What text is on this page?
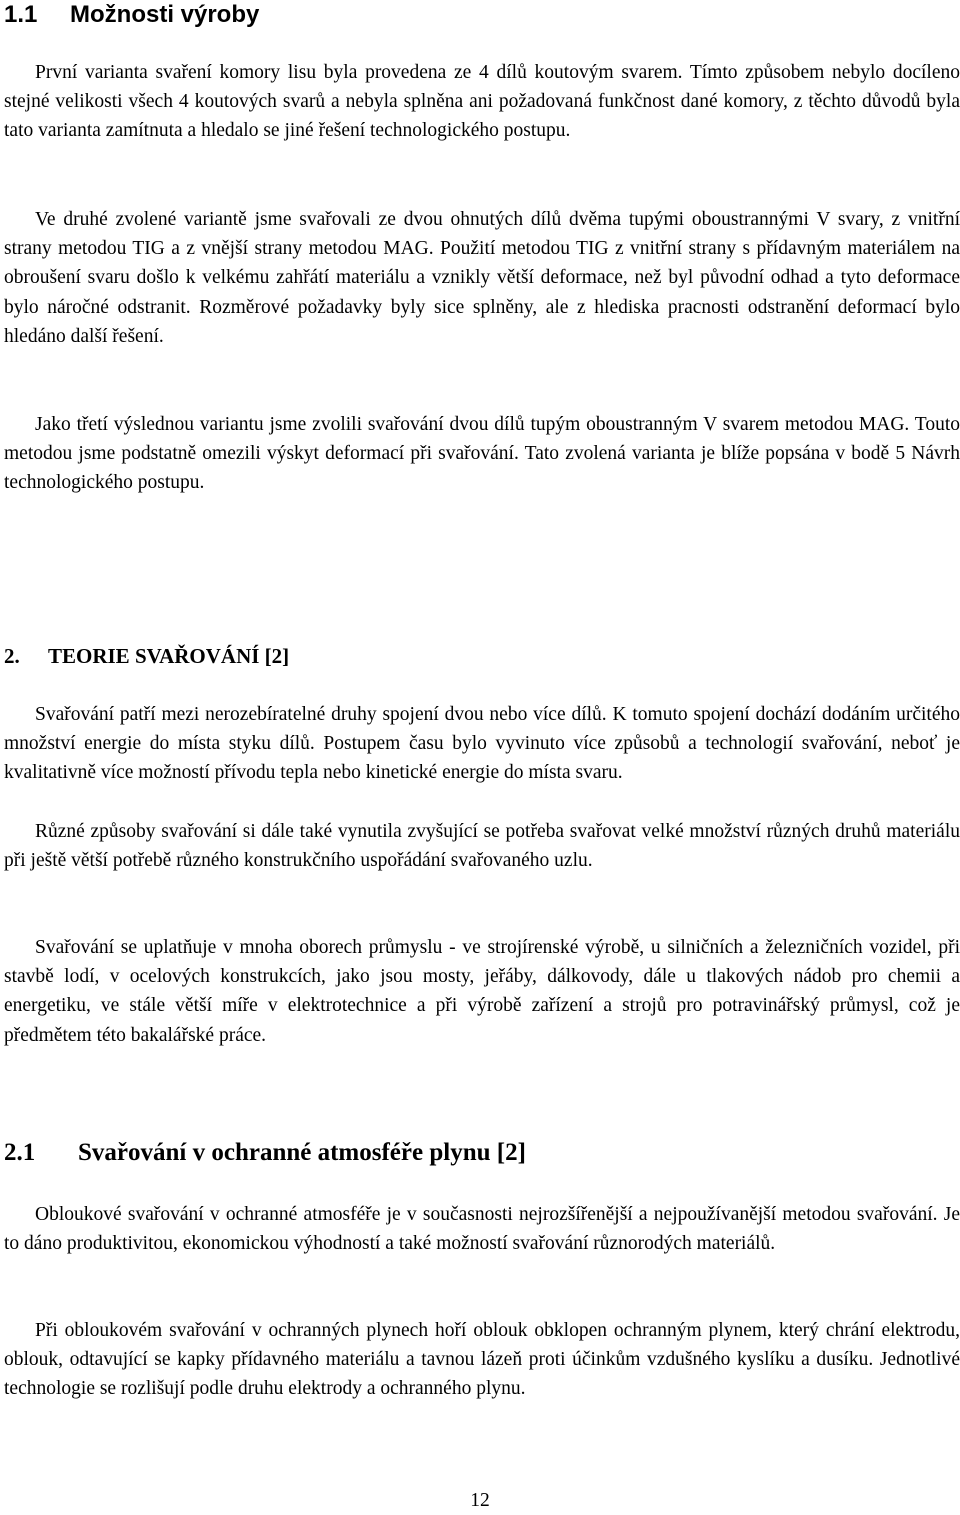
1.1 Možnosti výroby

První varianta svaření komory lisu byla provedena ze 4 dílů koutovým svarem. Tímto způsobem nebylo docíleno stejné velikosti všech 4 koutových svarů a nebyla splněna ani požadovaná funkčnost dané komory, z těchto důvodů byla tato varianta zamítnuta a hledalo se jiné řešení technologického postupu.

Ve druhé zvolené variantě jsme svařovali ze dvou ohnutých dílů dvěma tupými oboustrannými V svary, z vnitřní strany metodou TIG a z vnější strany metodou MAG. Použití metodou TIG z vnitřní strany s přídavným materiálem na obroušení svaru došlo k velkému zahřátí materiálu a vznikly větší deformace, než byl původní odhad a tyto deformace bylo náročné odstranit. Rozměrové požadavky byly sice splněny, ale z hlediska pracnosti odstranění deformací bylo hledáno další řešení.

Jako třetí výslednou variantu jsme zvolili svařování dvou dílů tupým oboustranným V svarem metodou MAG. Touto metodou jsme podstatně omezili výskyt deformací při svařování. Tato zvolená varianta je blíže popsána v bodě 5 Návrh technologického postupu.

2. TEORIE SVAŘOVÁNÍ [2]

Svařování patří mezi nerozebíratelné druhy spojení dvou nebo více dílů. K tomuto spojení dochází dodáním určitého množství energie do místa styku dílů. Postupem času bylo vyvinuto více způsobů a technologií svařování, neboť je kvalitativně více možností přívodu tepla nebo kinetické energie do místa svaru.

Různé způsoby svařování si dále také vynutila zvyšující se potřeba svařovat velké množství různých druhů materiálu při ještě větší potřebě různého konstrukčního uspořádání svařovaného uzlu.

Svařování se uplatňuje v mnoha oborech průmyslu - ve strojírenské výrobě, u silničních a železničních vozidel, při stavbě lodí, v ocelových konstrukcích, jako jsou mosty, jeřáby, dálkovody, dále u tlakových nádob pro chemii a energetiku, ve stále větší míře v elektrotechnice a při výrobě zařízení a strojů pro potravinářský průmysl, což je předmětem této bakalářské práce.

2.1 Svařování v ochranné atmosféře plynu [2]

Obloukové svařování v ochranné atmosféře je v současnosti nejrozšířenější a nejpoužívanější metodou svařování. Je to dáno produktivitou, ekonomickou výhodností a také možností svařování různorodých materiálů.

Při obloukovém svařování v ochranných plynech hoří oblouk obklopen ochranným plynem, který chrání elektrodu, oblouk, odtavující se kapky přídavného materiálu a tavnou lázeň proti účinkům vzdušného kyslíku a dusíku. Jednotlivé technologie se rozlišují podle druhu elektrody a ochranného plynu.

12
